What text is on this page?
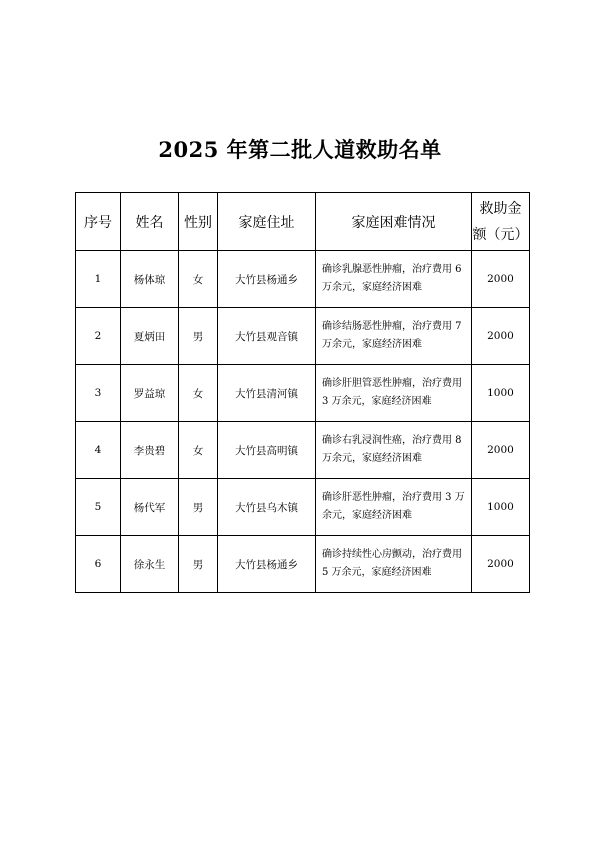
2025 年第二批人道救助名单
序号	姓名	性别	家庭住址	家庭困难情况	救助金
额（元）

1	杨体琼	女	大竹县杨通乡	确诊乳腺恶性肿瘤，治疗费用 6 万余元，家庭经济困难	2000
2	夏炳田	男	大竹县观音镇	确诊结肠恶性肿瘤，治疗费用 7 万余元，家庭经济困难	2000
3	罗益琼	女	大竹县清河镇	确诊肝胆管恶性肿瘤，治疗费用 3 万余元，家庭经济困难	1000
4	李贵碧	女	大竹县高明镇	确诊右乳浸润性癌，治疗费用 8 万余元，家庭经济困难	2000
5	杨代军	男	大竹县乌木镇	确诊肝恶性肿瘤，治疗费用 3 万余元，家庭经济困难	1000
6	徐永生	男	大竹县杨通乡	确诊持续性心房颤动，治疗费用 5 万余元，家庭经济困难	2000
